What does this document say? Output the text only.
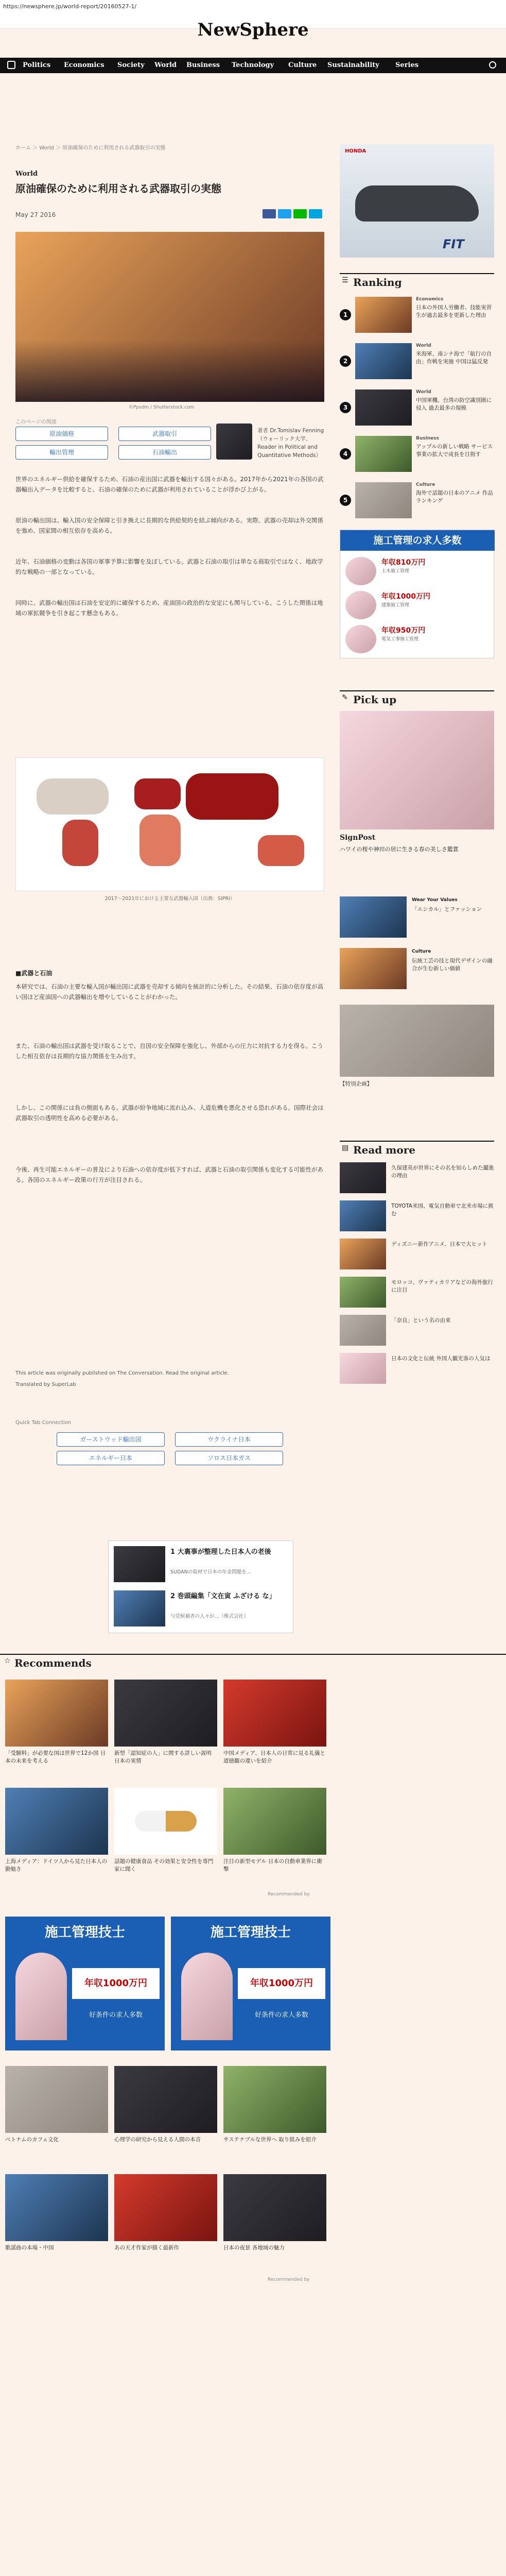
https://newsphere.jp/world-report/20160527-1/
NewSphere
Politics Economics Society World Business Technology Culture Sustainability Series
ホーム ＞ World ＞ 原油確保のために利用される武器取引の実態
World
原油確保のために利用される武器取引の実態
May 27 2016
©Ppsdm / Shutterstock.com
このページの関連
原油価格	武器取引
輸出管理	石油輸出
著者 Dr.Tomislav Fenning（ウォーリック大学、Reader in Political and Quantitative Methods）
世界のエネルギー供給を確保するため、石油の産出国に武器を輸出する国々がある。2017年から2021年の各国の武器輸出入データを比較すると、石油の確保のために武器が利用されていることが浮かび上がる。
原油の輸出国は、輸入国の安全保障と引き換えに長期的な供給契約を結ぶ傾向がある。実際、武器の売却は外交関係を強め、国家間の相互依存を高める。
近年、石油価格の変動は各国の軍事予算に影響を及ぼしている。武器と石油の取引は単なる商取引ではなく、地政学的な戦略の一部となっている。
同時に、武器の輸出国は石油を安定的に確保するため、産油国の政治的な安定にも関与している。こうした関係は地域の軍拡競争を引き起こす懸念もある。
2017〜2021年における主要な武器輸入国（出典：SIPRI）
■武器と石油
本研究では、石油の主要な輸入国が輸出国に武器を売却する傾向を統計的に分析した。その結果、石油の依存度が高い国ほど産油国への武器輸出を増やしていることがわかった。
また、石油の輸出国は武器を受け取ることで、自国の安全保障を強化し、外部からの圧力に対抗する力を得る。こうした相互依存は長期的な協力関係を生み出す。
しかし、この関係には負の側面もある。武器が紛争地域に流れ込み、人道危機を悪化させる恐れがある。国際社会は武器取引の透明性を高める必要がある。
今後、再生可能エネルギーの普及により石油への依存度が低下すれば、武器と石油の取引関係も変化する可能性がある。各国のエネルギー政策の行方が注目される。
This article was originally published on The Conversation. Read the original article.
Translated by SuperLab
Quick Tab Connection
ガーストウッド輸出国	ウクライナ日本
エネルギー日本	ソロス日本ガス
1 大裏事が整理した日本人の老後
SUDANの取材で日本の年金問題を...
2 巻頭編集「文在寅 ふざける な」
与党候補者の人々が...（株式会社）
HONDA
FIT
☰ Ranking
1
Economics
日本の外国人労働者、技能実習生が過去最多を更新した理由
2
World
米海軍、南シナ海で「航行の自由」作戦を実施 中国は猛反発
3
World
中国軍機、台湾の防空識別圏に侵入 過去最多の規模
4
Business
アップルの新しい戦略 サービス事業の拡大で成長を目指す
5
Culture
海外で話題の日本のアニメ 作品ランキング
施工管理の求人多数
年収810万円
土木施工管理
年収1000万円
建築施工管理
年収950万円
電気工事施工管理
✎ Pick up
SignPost
ハワイの桜や神田の居に生きる春の美しさ鑑賞
Wear Your Values
「エシカル」とファッション
Culture
伝統工芸の技と現代デザインの融合が生む新しい価値
【特別企画】
▤ Read more
久保建英が世界にその名を知らしめた躍進の理由
TOYOTA米国、電気自動車で北米市場に挑む
ディズニー新作アニメ、日本で大ヒット
モロッコ、ヴァティカリアなどの海外旅行に注目
「奈良」という名の由来
日本の文化と伝統 外国人観光客の人気は
☆ Recommends
「受験料」が必要な国は世界で12か国 日本の未来を考える
新型「認知症の人」に関する詳しい説明 日本の実情
中国メディア、日本人の日常に見る礼儀と道徳観の違いを紹介
上海メディア：ドイツ人から見た日本人の勤勉さ
話題の健康食品 その効果と安全性を専門家に聞く
注目の新型モデル 日本の自動車業界に衝撃
Recommended by
施工管理技士
年収1000万円
好条件の求人多数
施工管理技士
年収1000万円
好条件の求人多数
ベトナムのカフェ文化	心理学の研究から見える人間の本音	サステナブルな世界へ 取り組みを紹介
歌謡曲の本場・中国	あの天才作家が描く最新作	日本の夜景 各地域の魅力
Recommended by
